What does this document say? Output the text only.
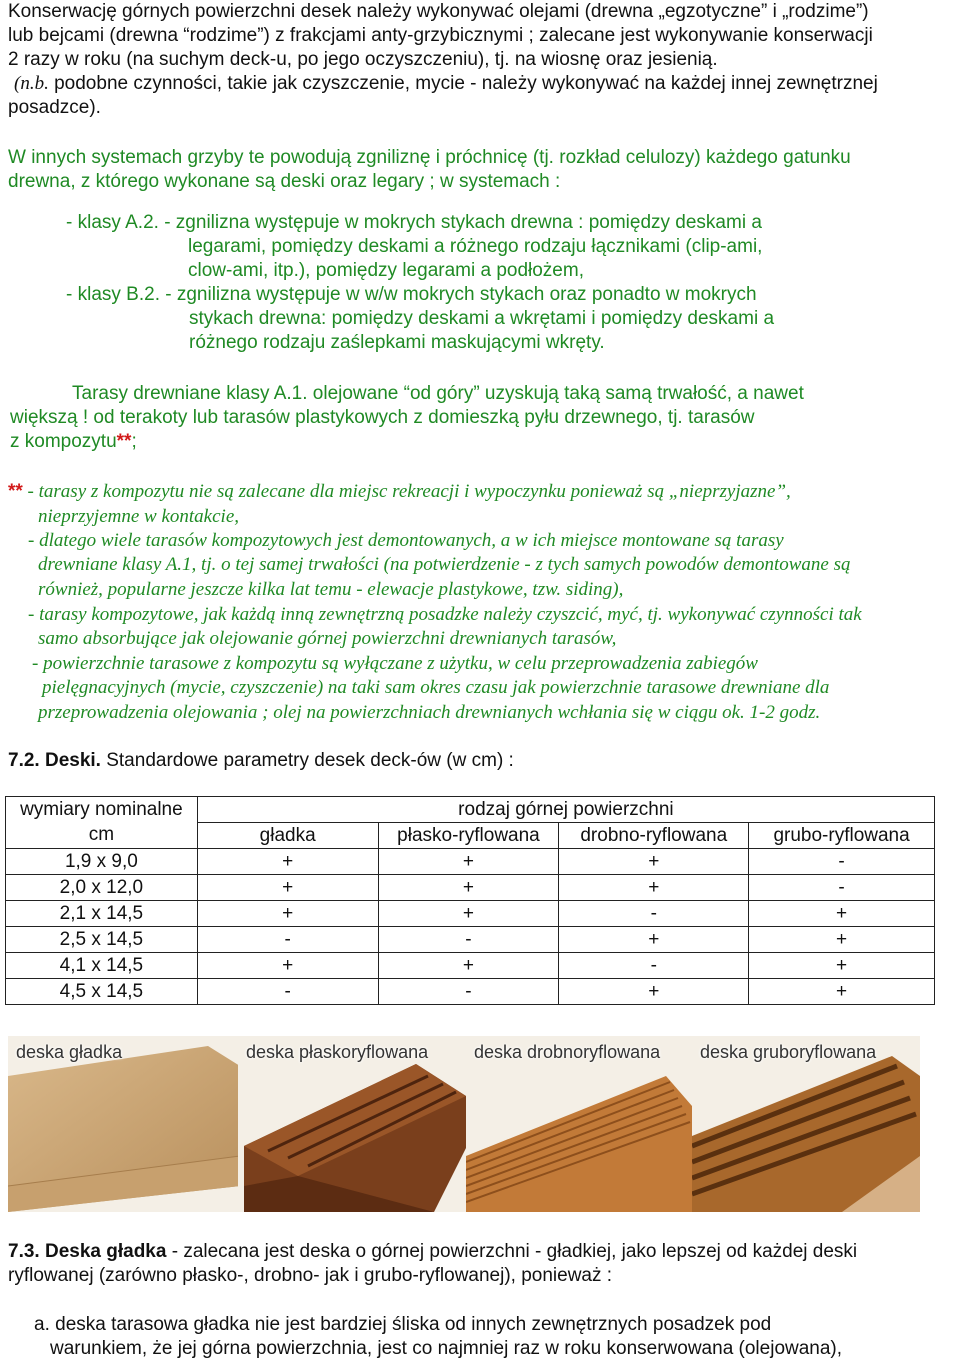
Konserwację górnych powierzchni desek należy wykonywać olejami (drewna „egzotyczne” i „rodzime”)
lub bejcami (drewna “rodzime”) z frakcjami anty-grzybicznymi ; zalecane jest wykonywanie konserwacji
2 razy w roku (na suchym deck-u, po jego oczyszczeniu), tj. na wiosnę oraz jesienią.
(n.b. podobne czynności, takie jak czyszczenie, mycie - należy wykonywać na każdej innej zewnętrznej
posadzce).
W innych systemach grzyby te powodują zgniliznę i próchnicę (tj. rozkład celulozy) każdego gatunku
drewna, z którego wykonane są deski oraz legary ; w systemach :
- klasy A.2. - zgnilizna występuje w mokrych stykach drewna : pomiędzy deskami a
legarami, pomiędzy deskami a różnego rodzaju łącznikami (clip-ami,
clow-ami, itp.), pomiędzy legarami a podłożem,
- klasy B.2. - zgnilizna występuje w w/w mokrych stykach oraz ponadto w mokrych
stykach drewna: pomiędzy deskami a wkrętami i pomiędzy deskami a
różnego rodzaju zaślepkami maskującymi wkręty.
Tarasy drewniane klasy A.1. olejowane “od góry” uzyskują taką samą trwałość, a nawet
większą ! od terakoty lub tarasów plastykowych z domieszką pyłu drzewnego, tj. tarasów
z kompozytu**;
** - tarasy z kompozytu nie są zalecane dla miejsc rekreacji i wypoczynku ponieważ są „nieprzyjazne”,
nieprzyjemne w kontakcie,
- dlatego wiele tarasów kompozytowych jest demontowanych, a w ich miejsce montowane są tarasy
drewniane klasy A.1, tj. o tej samej trwałości (na potwierdzenie - z tych samych powodów demontowane są
również, popularne jeszcze kilka lat temu - elewacje plastykowe, tzw. siding),
- tarasy kompozytowe, jak każdą inną zewnętrzną posadzke należy czyszcić, myć, tj. wykonywać czynności tak
samo absorbujące jak olejowanie górnej powierzchni drewnianych tarasów,
- powierzchnie tarasowe z kompozytu są wyłączane z użytku, w celu przeprowadzenia zabiegów
pielęgnacyjnych (mycie, czyszczenie) na taki sam okres czasu jak powierzchnie tarasowe drewniane dla
przeprowadzenia olejowania ; olej na powierzchniach drewnianych wchłania się w ciągu ok. 1-2 godz.
7.2. Deski. Standardowe parametry desek deck-ów (w cm) :
wymiary nominalne	rodzaj górnej powierzchni			
cm	gładka	płasko-ryflowana	drobno-ryflowana	grubo-ryflowana
1,9 x 9,0	+	+	+	-
2,0 x 12,0	+	+	+	-
2,1 x 14,5	+	+	-	+
2,5 x 14,5	-	-	+	+
4,1 x 14,5	+	+	-	+
4,5 x 14,5	-	-	+	+
deska gładka	deska płaskoryflowana	deska drobnoryflowana deska gruboryflowana
7.3. Deska gładka - zalecana jest deska o górnej powierzchni - gładkiej, jako lepszej od każdej deski
ryflowanej (zarówno płasko-, drobno- jak i grubo-ryflowanej), ponieważ :
a. deska tarasowa gładka nie jest bardziej śliska od innych zewnętrznych posadzek pod
warunkiem, że jej górna powierzchnia, jest co najmniej raz w roku konserwowana (olejowana),
